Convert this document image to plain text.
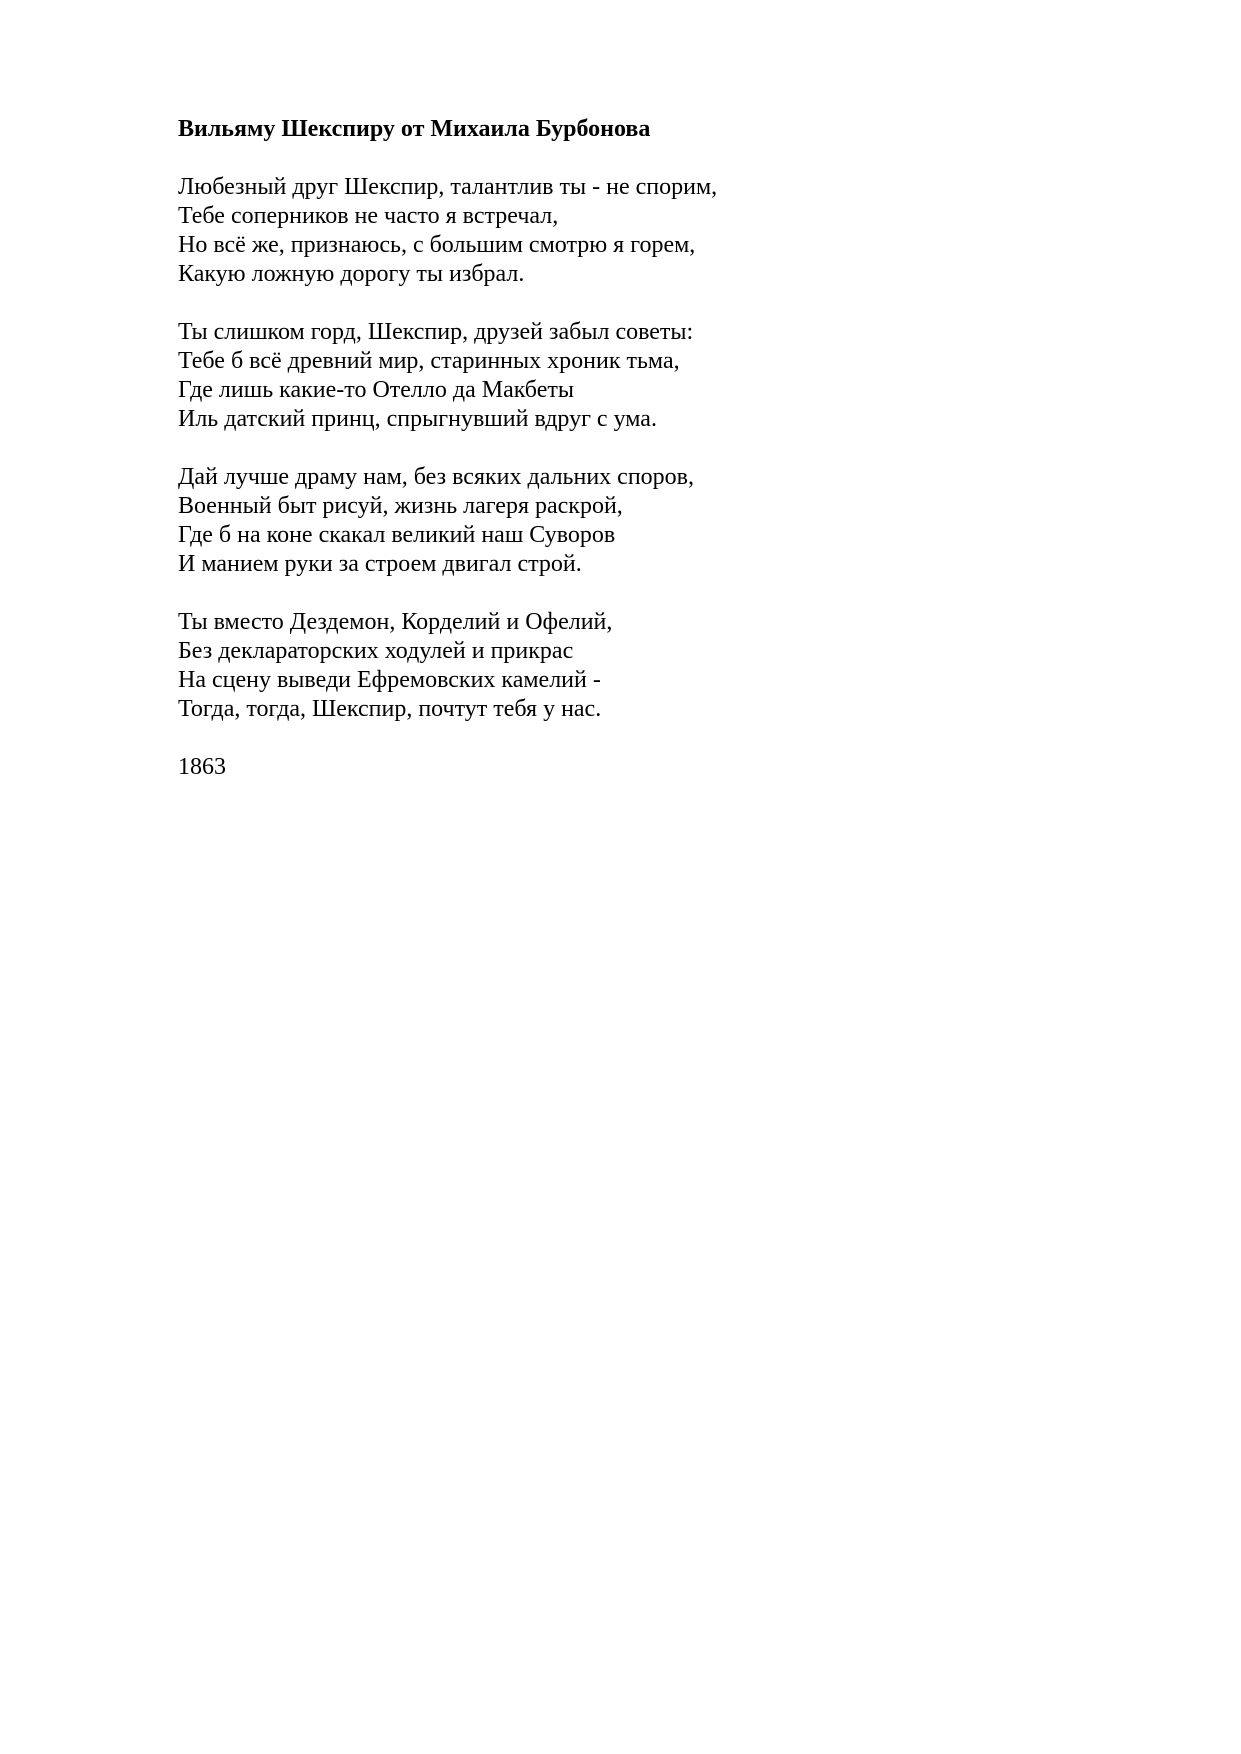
Вильяму Шекспиру от Михаила Бурбонова
Любезный друг Шекспир, талантлив ты - не спорим,
Тебе соперников не часто я встречал,
Но всё же, признаюсь, с большим смотрю я горем,
Какую ложную дорогу ты избрал.
Ты слишком горд, Шекспир, друзей забыл советы:
Тебе б всё древний мир, старинных хроник тьма,
Где лишь какие-то Отелло да Макбеты
Иль датский принц, спрыгнувший вдруг с ума.
Дай лучше драму нам, без всяких дальних споров,
Военный быт рисуй, жизнь лагеря раскрой,
Где б на коне скакал великий наш Суворов
И манием руки за строем двигал строй.
Ты вместо Дездемон, Корделий и Офелий,
Без деклараторских ходулей и прикрас
На сцену выведи Ефремовских камелий -
Тогда, тогда, Шекспир, почтут тебя у нас.
1863
